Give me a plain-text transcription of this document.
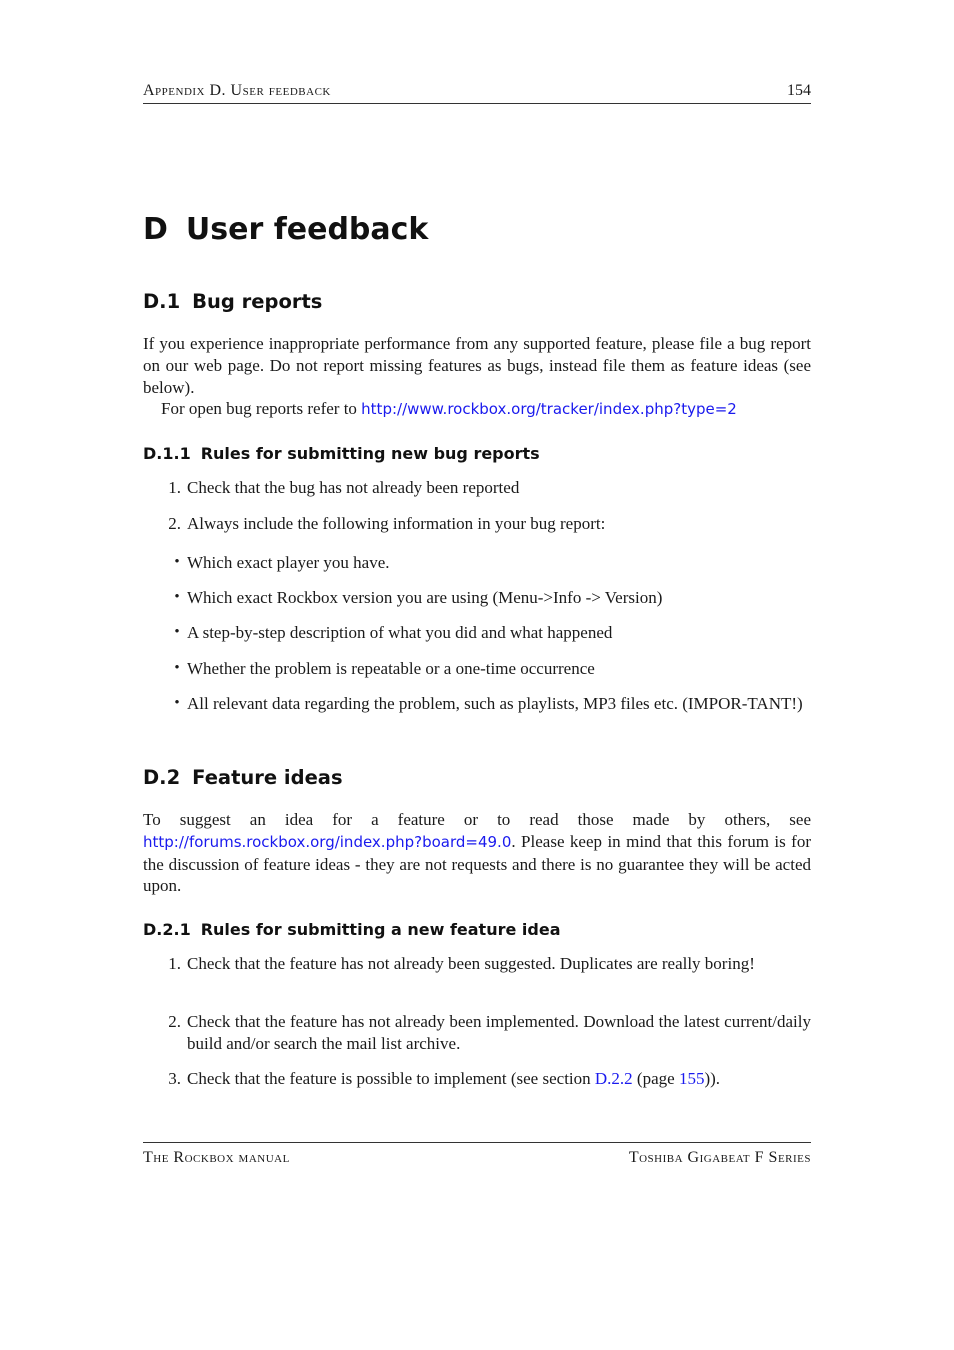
Appendix D. User feedback	154
D User feedback
D.1 Bug reports

If you experience inappropriate performance from any supported feature, please file a bug report on our web page. Do not report missing features as bugs, instead file them as feature ideas (see below).

For open bug reports refer to http://www.rockbox.org/tracker/index.php?type=2

D.1.1 Rules for submitting new bug reports
1. Check that the bug has not already been reported
2. Always include the following information in your bug report:
• Which exact player you have.
• Which exact Rockbox version you are using (Menu->Info -> Version)
• A step-by-step description of what you did and what happened
• Whether the problem is repeatable or a one-time occurrence
• All relevant data regarding the problem, such as playlists, MP3 files etc. (IMPOR-TANT!)
D.2 Feature ideas

To suggest an idea for a feature or to read those made by others, see http://forums.rockbox.org/index.php?board=49.0. Please keep in mind that this forum is for the discussion of feature ideas - they are not requests and there is no guarantee they will be acted upon.

D.2.1 Rules for submitting a new feature idea
1. Check that the feature has not already been suggested. Duplicates are really boring!
2. Check that the feature has not already been implemented. Download the latest current/daily build and/or search the mail list archive.
3. Check that the feature is possible to implement (see section D.2.2 (page 155)).
The Rockbox manual	Toshiba Gigabeat F Series
